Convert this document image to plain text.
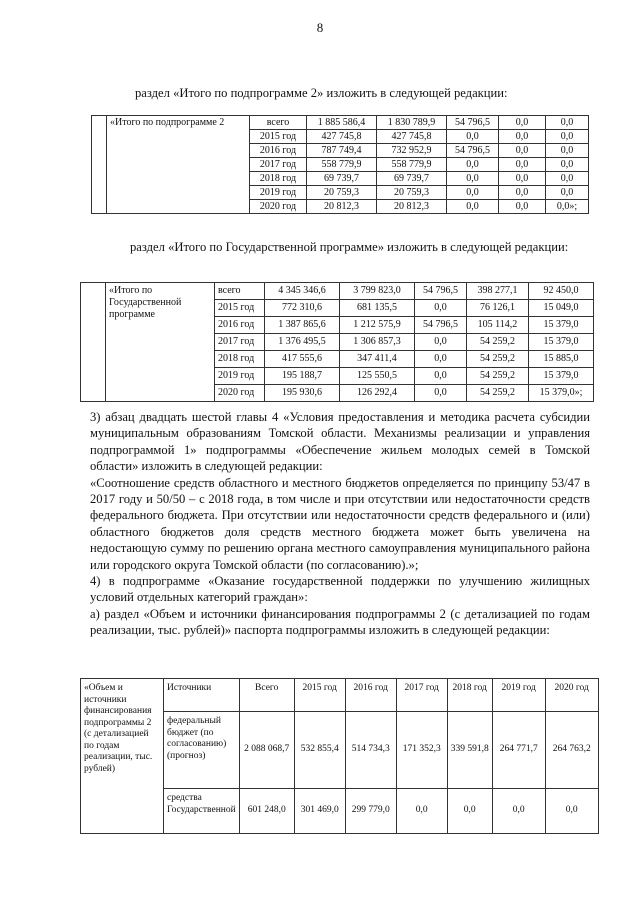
8
раздел «Итого по подпрограмме 2» изложить в следующей редакции:
	«Итого по подпрограмме 2	всего	1 885 586,4	1 830 789,9	54 796,5	0,0	0,0
		2015 год	427 745,8	427 745,8	0,0	0,0	0,0
		2016 год	787 749,4	732 952,9	54 796,5	0,0	0,0
		2017 год	558 779,9	558 779,9	0,0	0,0	0,0
		2018 год	69 739,7	69 739,7	0,0	0,0	0,0
		2019 год	20 759,3	20 759,3	0,0	0,0	0,0
		2020 год	20 812,3	20 812,3	0,0	0,0	0,0»;
раздел «Итого по Государственной программе» изложить в следующей редакции:
	«Итого по Государственной программе	всего	4 345 346,6	3 799 823,0	54 796,5	398 277,1	92 450,0
		2015 год	772 310,6	681 135,5	0,0	76 126,1	15 049,0
		2016 год	1 387 865,6	1 212 575,9	54 796,5	105 114,2	15 379,0
		2017 год	1 376 495,5	1 306 857,3	0,0	54 259,2	15 379,0
		2018 год	417 555,6	347 411,4	0,0	54 259,2	15 885,0
		2019 год	195 188,7	125 550,5	0,0	54 259,2	15 379,0
		2020 год	195 930,6	126 292,4	0,0	54 259,2	15 379,0»;
3) абзац двадцать шестой главы 4 «Условия предоставления и методика расчета субсидии муниципальным образованиям Томской области. Механизмы реализации и управления подпрограммой 1» подпрограммы «Обеспечение жильем молодых семей в Томской области» изложить в следующей редакции:
«Соотношение средств областного и местного бюджетов определяется по принципу 53/47 в 2017 году и 50/50 – с 2018 года, в том числе и при отсутствии или недостаточности средств федерального бюджета. При отсутствии или недостаточности средств федерального и (или) областного бюджетов доля средств местного бюджета может быть увеличена на недостающую сумму по решению органа местного самоуправления муниципального района или городского округа Томской области (по согласованию).»;
4) в подпрограмме «Оказание государственной поддержки по улучшению жилищных условий отдельных категорий граждан»:
а) раздел «Объем и источники финансирования подпрограммы 2 (с детализацией по годам реализации, тыс. рублей)» паспорта подпрограммы изложить в следующей редакции:
«Объем и источники финансирования подпрограммы 2 (с детализацией по годам реализации, тыс. рублей)	Источники	Всего	2015 год	2016 год	2017 год	2018 год	2019 год	2020 год
	федеральный бюджет (по согласованию) (прогноз)	2 088 068,7	532 855,4	514 734,3	171 352,3	339 591,8	264 771,7	264 763,2
	средства Государственной	601 248,0	301 469,0	299 779,0	0,0	0,0	0,0	0,0
